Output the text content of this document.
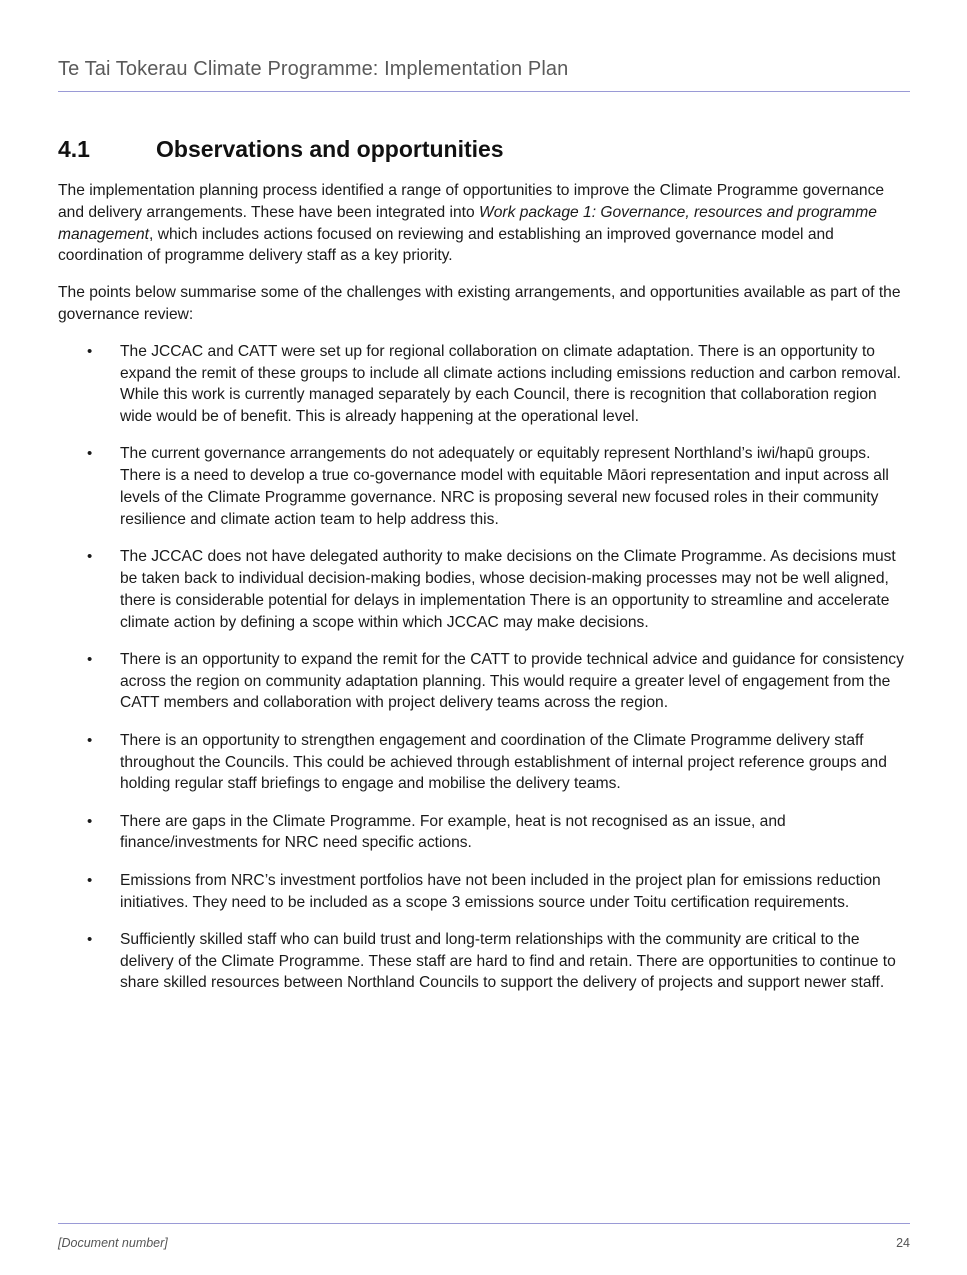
Te Tai Tokerau Climate Programme: Implementation Plan
4.1	Observations and opportunities

The implementation planning process identified a range of opportunities to improve the Climate Programme governance and delivery arrangements. These have been integrated into Work package 1: Governance, resources and programme management, which includes actions focused on reviewing and establishing an improved governance model and coordination of programme delivery staff as a key priority.

The points below summarise some of the challenges with existing arrangements, and opportunities available as part of the governance review:

• The JCCAC and CATT were set up for regional collaboration on climate adaptation. There is an opportunity to expand the remit of these groups to include all climate actions including emissions reduction and carbon removal. While this work is currently managed separately by each Council, there is recognition that collaboration region wide would be of benefit. This is already happening at the operational level.
• The current governance arrangements do not adequately or equitably represent Northland’s iwi/hapū groups. There is a need to develop a true co-governance model with equitable Māori representation and input across all levels of the Climate Programme governance. NRC is proposing several new focused roles in their community resilience and climate action team to help address this.
• The JCCAC does not have delegated authority to make decisions on the Climate Programme. As decisions must be taken back to individual decision-making bodies, whose decision-making processes may not be well aligned, there is considerable potential for delays in implementation There is an opportunity to streamline and accelerate climate action by defining a scope within which JCCAC may make decisions.
• There is an opportunity to expand the remit for the CATT to provide technical advice and guidance for consistency across the region on community adaptation planning. This would require a greater level of engagement from the CATT members and collaboration with project delivery teams across the region.
• There is an opportunity to strengthen engagement and coordination of the Climate Programme delivery staff throughout the Councils. This could be achieved through establishment of internal project reference groups and holding regular staff briefings to engage and mobilise the delivery teams.
• There are gaps in the Climate Programme. For example, heat is not recognised as an issue, and finance/investments for NRC need specific actions.
• Emissions from NRC’s investment portfolios have not been included in the project plan for emissions reduction initiatives. They need to be included as a scope 3 emissions source under Toitu certification requirements.
• Sufficiently skilled staff who can build trust and long-term relationships with the community are critical to the delivery of the Climate Programme. These staff are hard to find and retain. There are opportunities to continue to share skilled resources between Northland Councils to support the delivery of projects and support newer staff.
[Document number]	24
